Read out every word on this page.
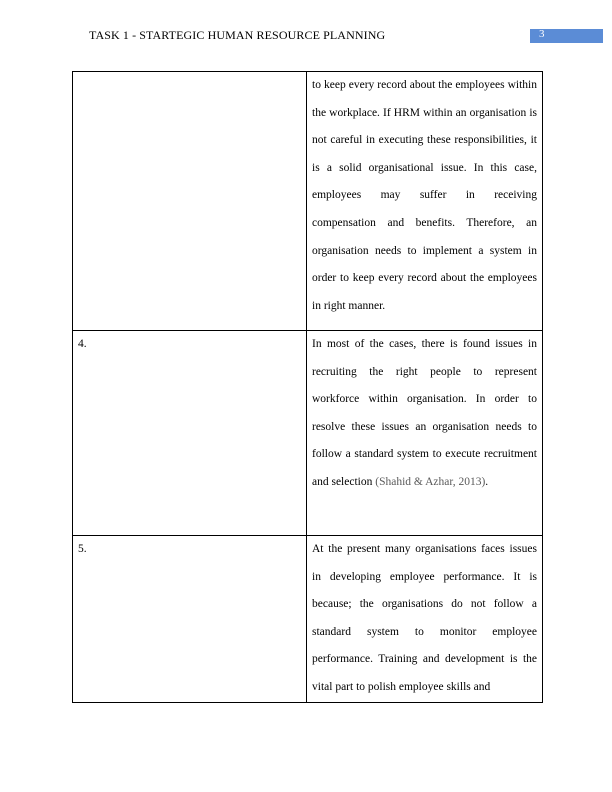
TASK 1 - STARTEGIC HUMAN RESOURCE PLANNING	3
	to keep every record about the employees within the workplace. If HRM within an organisation is not careful in executing these responsibilities, it is a solid organisational issue. In this case, employees may suffer in receiving compensation and benefits. Therefore, an organisation needs to implement a system in order to keep every record about the employees in right manner.
4.	In most of the cases, there is found issues in recruiting the right people to represent workforce within organisation. In order to resolve these issues an organisation needs to follow a standard system to execute recruitment and selection (Shahid & Azhar, 2013).
5.	At the present many organisations faces issues in developing employee performance. It is because; the organisations do not follow a standard system to monitor employee performance. Training and development is the vital part to polish employee skills and
